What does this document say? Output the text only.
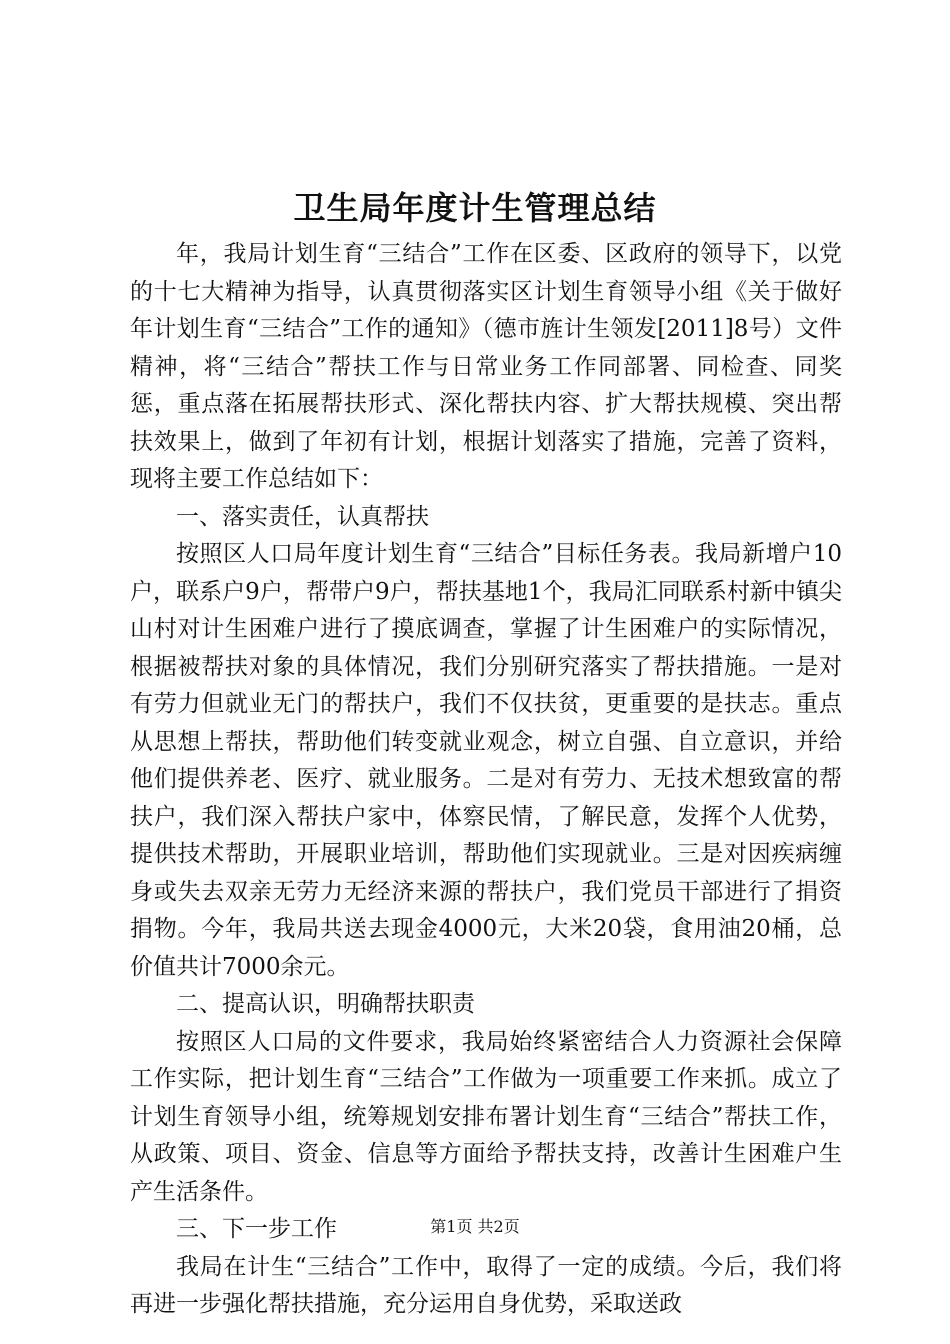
卫生局年度计生管理总结

年，我局计划生育“三结合”工作在区委、区政府的领导下，以党的十七大精神为指导，认真贯彻落实区计划生育领导小组《关于做好年计划生育“三结合”工作的通知》（德市旌计生领发[2011]8号）文件精神，将“三结合”帮扶工作与日常业务工作同部署、同检查、同奖惩，重点落在拓展帮扶形式、深化帮扶内容、扩大帮扶规模、突出帮扶效果上，做到了年初有计划，根据计划落实了措施，完善了资料，现将主要工作总结如下：

一、落实责任，认真帮扶

按照区人口局年度计划生育“三结合”目标任务表。我局新增户10户，联系户9户，帮带户9户，帮扶基地1个，我局汇同联系村新中镇尖山村对计生困难户进行了摸底调查，掌握了计生困难户的实际情况，根据被帮扶对象的具体情况，我们分别研究落实了帮扶措施。一是对有劳力但就业无门的帮扶户，我们不仅扶贫，更重要的是扶志。重点从思想上帮扶，帮助他们转变就业观念，树立自强、自立意识，并给他们提供养老、医疗、就业服务。二是对有劳力、无技术想致富的帮扶户，我们深入帮扶户家中，体察民情，了解民意，发挥个人优势，提供技术帮助，开展职业培训，帮助他们实现就业。三是对因疾病缠身或失去双亲无劳力无经济来源的帮扶户，我们党员干部进行了捐资捐物。今年，我局共送去现金4000元，大米20袋，食用油20桶，总价值共计7000余元。

二、提高认识，明确帮扶职责

按照区人口局的文件要求，我局始终紧密结合人力资源社会保障工作实际，把计划生育“三结合”工作做为一项重要工作来抓。成立了计划生育领导小组，统筹规划安排布署计划生育“三结合”帮扶工作，从政策、项目、资金、信息等方面给予帮扶支持，改善计生困难户生产生活条件。

三、下一步工作

我局在计生“三结合”工作中，取得了一定的成绩。今后，我们将再进一步强化帮扶措施，充分运用自身优势，采取送政

第1页 共2页
